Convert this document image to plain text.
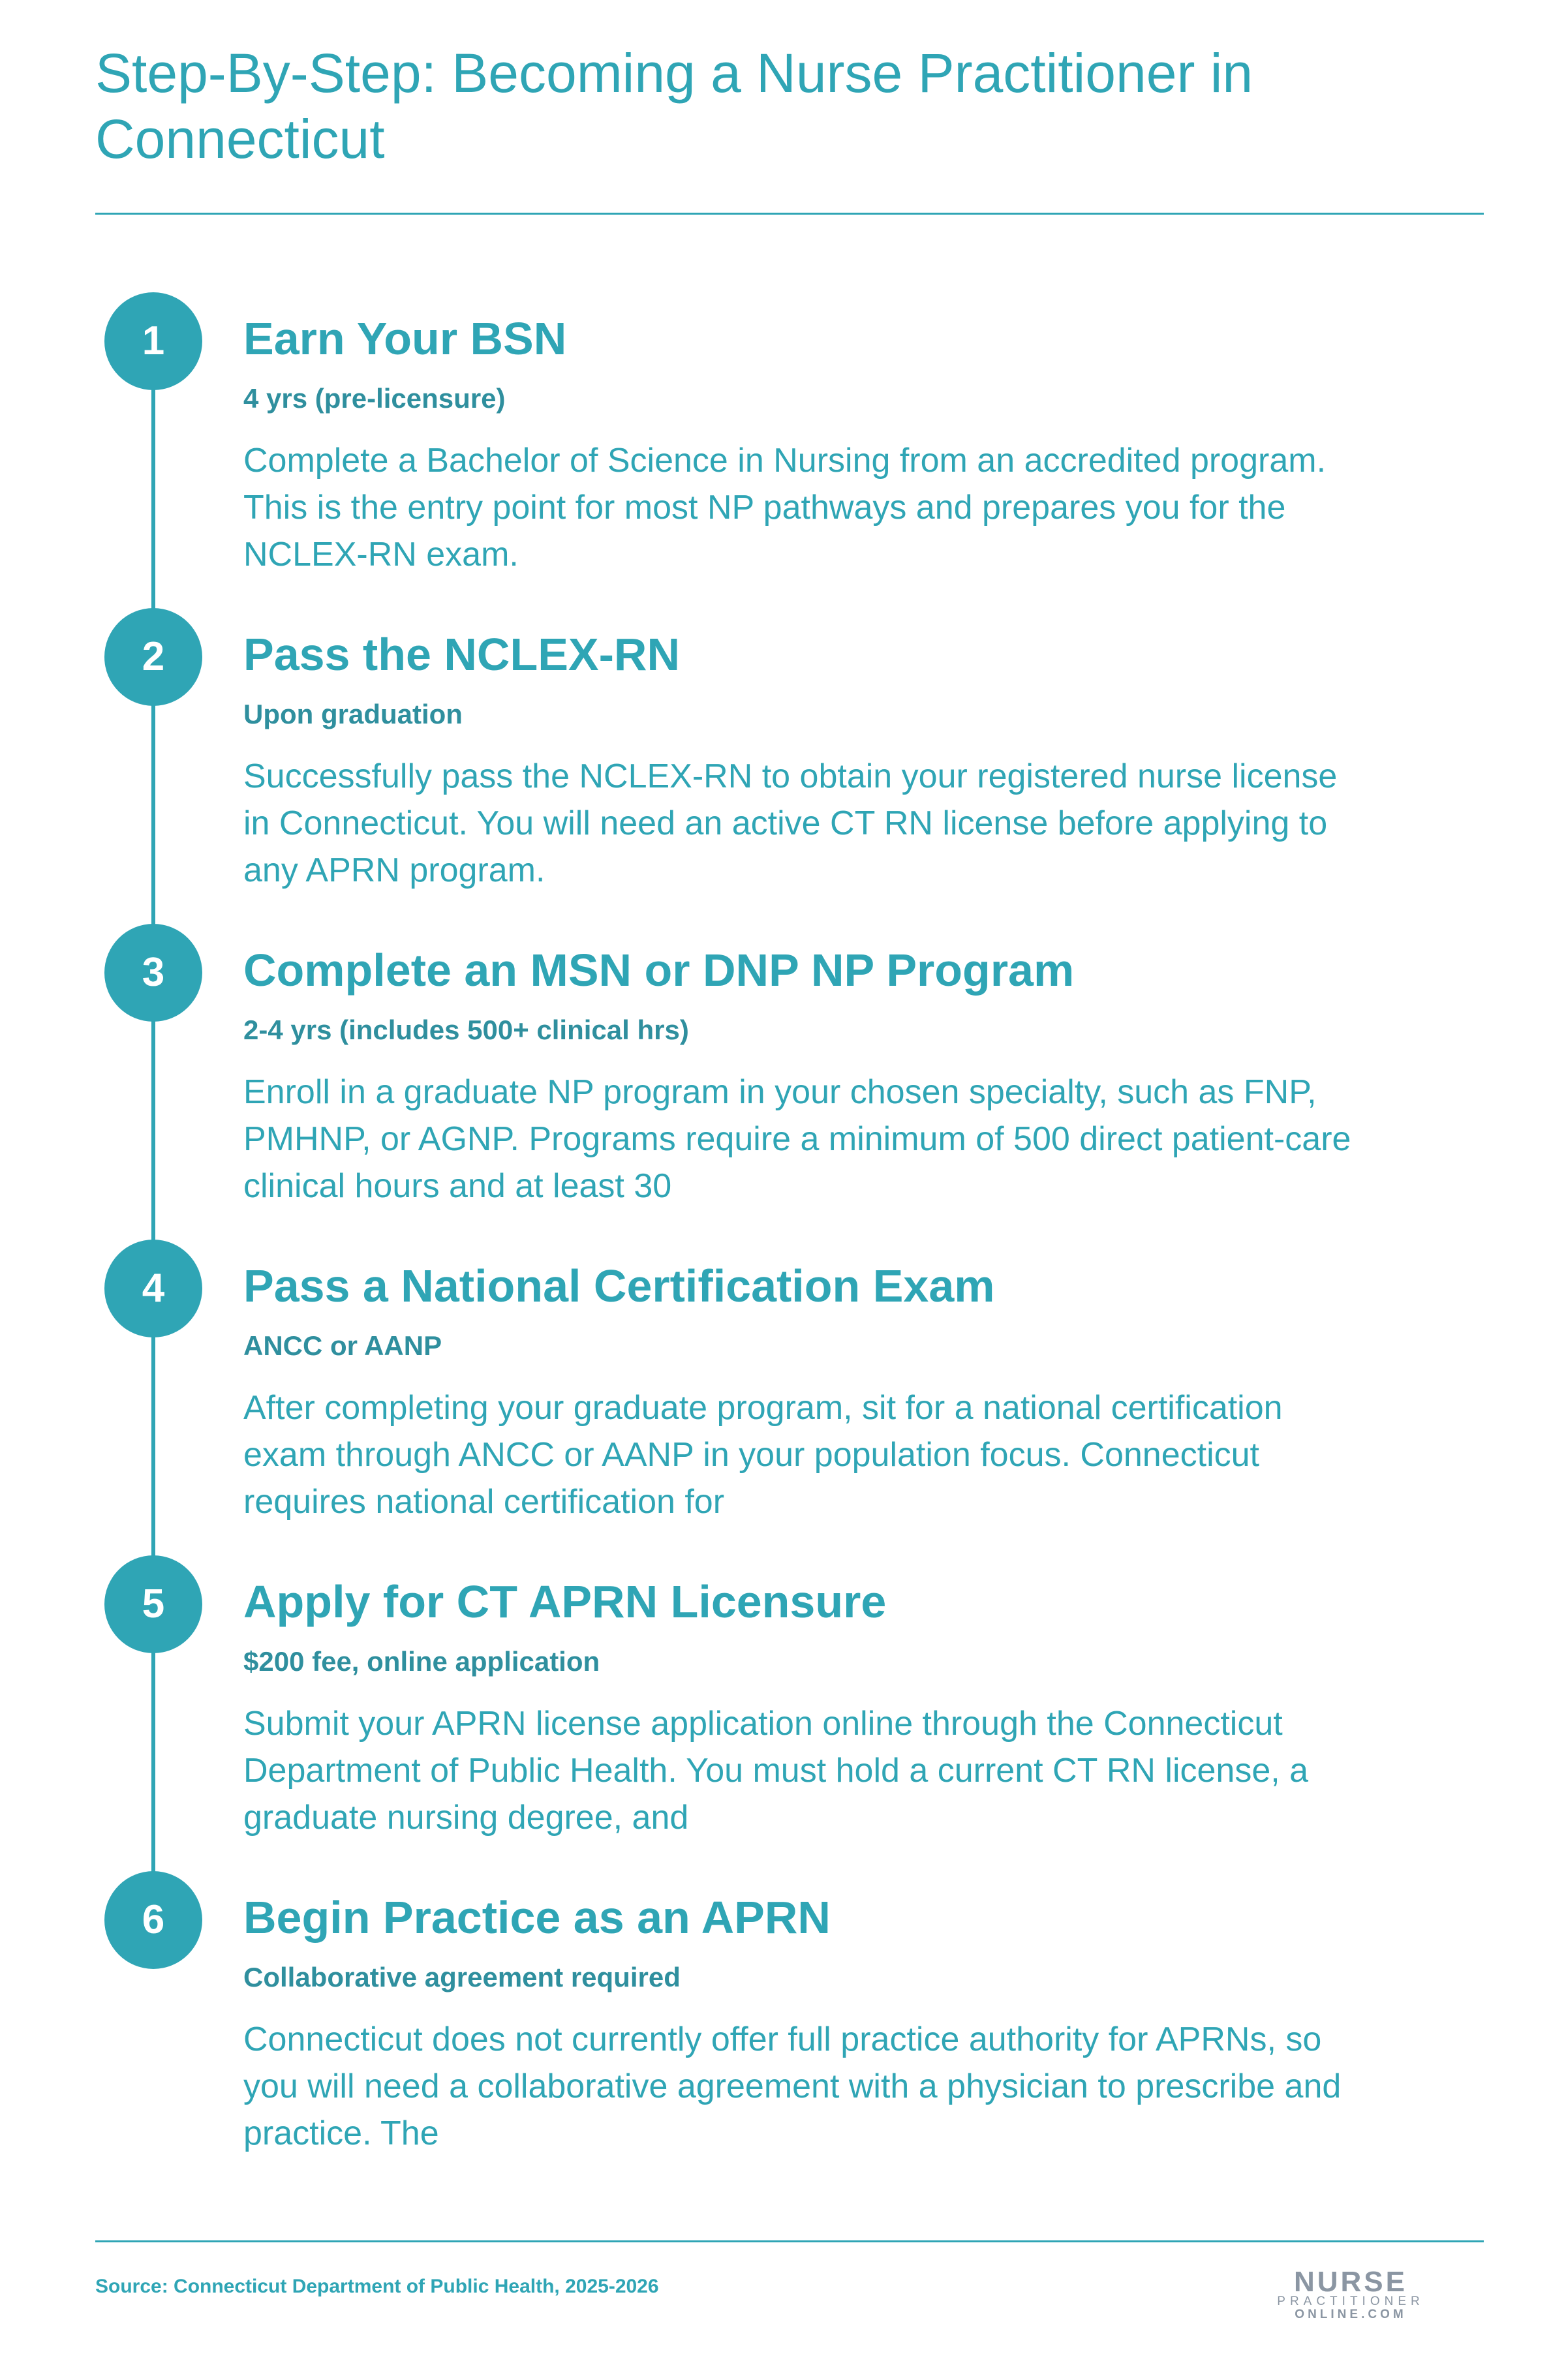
Step-By-Step: Becoming a Nurse Practitioner in Connecticut
1	Earn Your BSN
4 yrs (pre-licensure)
Complete a Bachelor of Science in Nursing from an accredited program. This is the entry point for most NP pathways and prepares you for the NCLEX-RN exam.
2	Pass the NCLEX-RN
Upon graduation
Successfully pass the NCLEX-RN to obtain your registered nurse license in Connecticut. You will need an active CT RN license before applying to any APRN program.
3	Complete an MSN or DNP NP Program
2-4 yrs (includes 500+ clinical hrs)
Enroll in a graduate NP program in your chosen specialty, such as FNP, PMHNP, or AGNP. Programs require a minimum of 500 direct patient-care clinical hours and at least 30
4	Pass a National Certification Exam
ANCC or AANP
After completing your graduate program, sit for a national certification exam through ANCC or AANP in your population focus. Connecticut requires national certification for
5	Apply for CT APRN Licensure
$200 fee, online application
Submit your APRN license application online through the Connecticut Department of Public Health. You must hold a current CT RN license, a graduate nursing degree, and
6	Begin Practice as an APRN
Collaborative agreement required
Connecticut does not currently offer full practice authority for APRNs, so you will need a collaborative agreement with a physician to prescribe and practice. The
Source: Connecticut Department of Public Health, 2025-2026	NURSE
PRACTITIONER
ONLINE.COM
